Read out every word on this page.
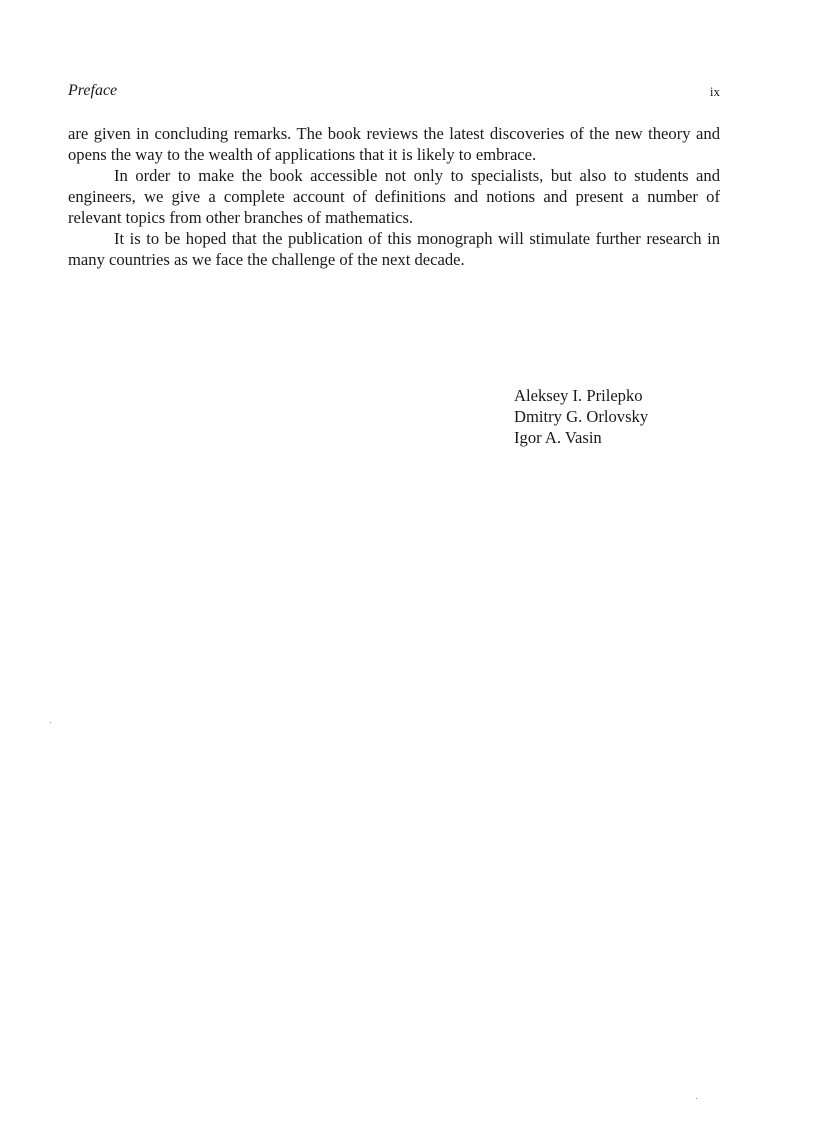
Preface	ix

are given in concluding remarks. The book reviews the latest discoveries of the new theory and opens the way to the wealth of applications that it is likely to embrace.

In order to make the book accessible not only to specialists, but also to students and engineers, we give a complete account of definitions and notions and present a number of relevant topics from other branches of mathematics.

It is to be hoped that the publication of this monograph will stimulate further research in many countries as we face the challenge of the next decade.

Aleksey I. Prilepko
Dmitry G. Orlovsky
Igor A. Vasin
